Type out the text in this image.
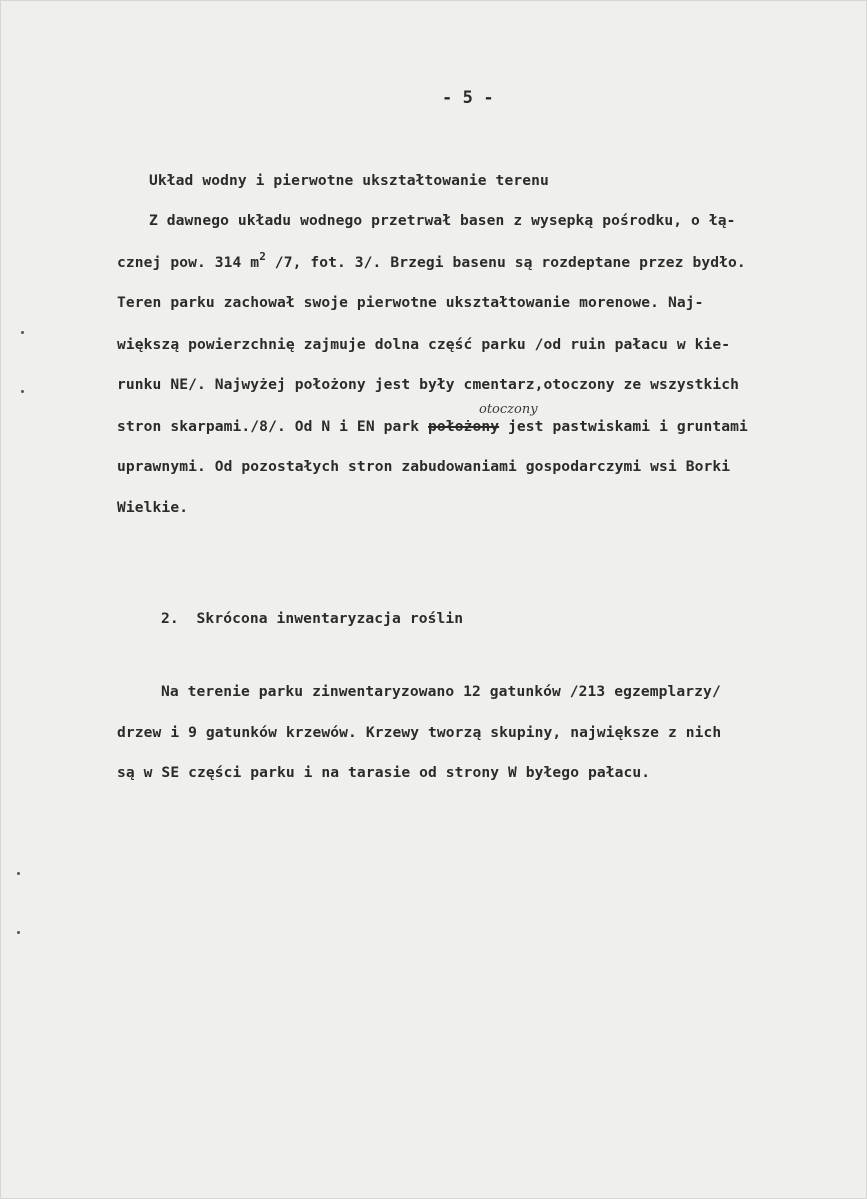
- 5 -
Układ wodny i pierwotne ukształtowanie terenu
Z dawnego układu wodnego przetrwał basen z wysepką pośrodku, o łą-
cznej pow. 314 $m^2$ /7, fot. 3/. Brzegi basenu są rozdeptane przez bydło.
Teren parku zachował swoje pierwotne ukształtowanie morenowe. Naj-
większą powierzchnię zajmuje dolna część parku /od ruin pałacu w kie-
runku NE/. Najwyżej położony jest były cmentarz,otoczony ze wszystkich
otoczony
stron skarpami./8/. Od N i EN park położony jest pastwiskami i gruntami
uprawnymi. Od pozostałych stron zabudowaniami gospodarczymi wsi Borki
Wielkie.
2.  Skrócona inwentaryzacja roślin
Na terenie parku zinwentaryzowano 12 gatunków /213 egzemplarzy/
drzew i 9 gatunków krzewów. Krzewy tworzą skupiny, największe z nich
są w SE części parku i na tarasie od strony W byłego pałacu.
